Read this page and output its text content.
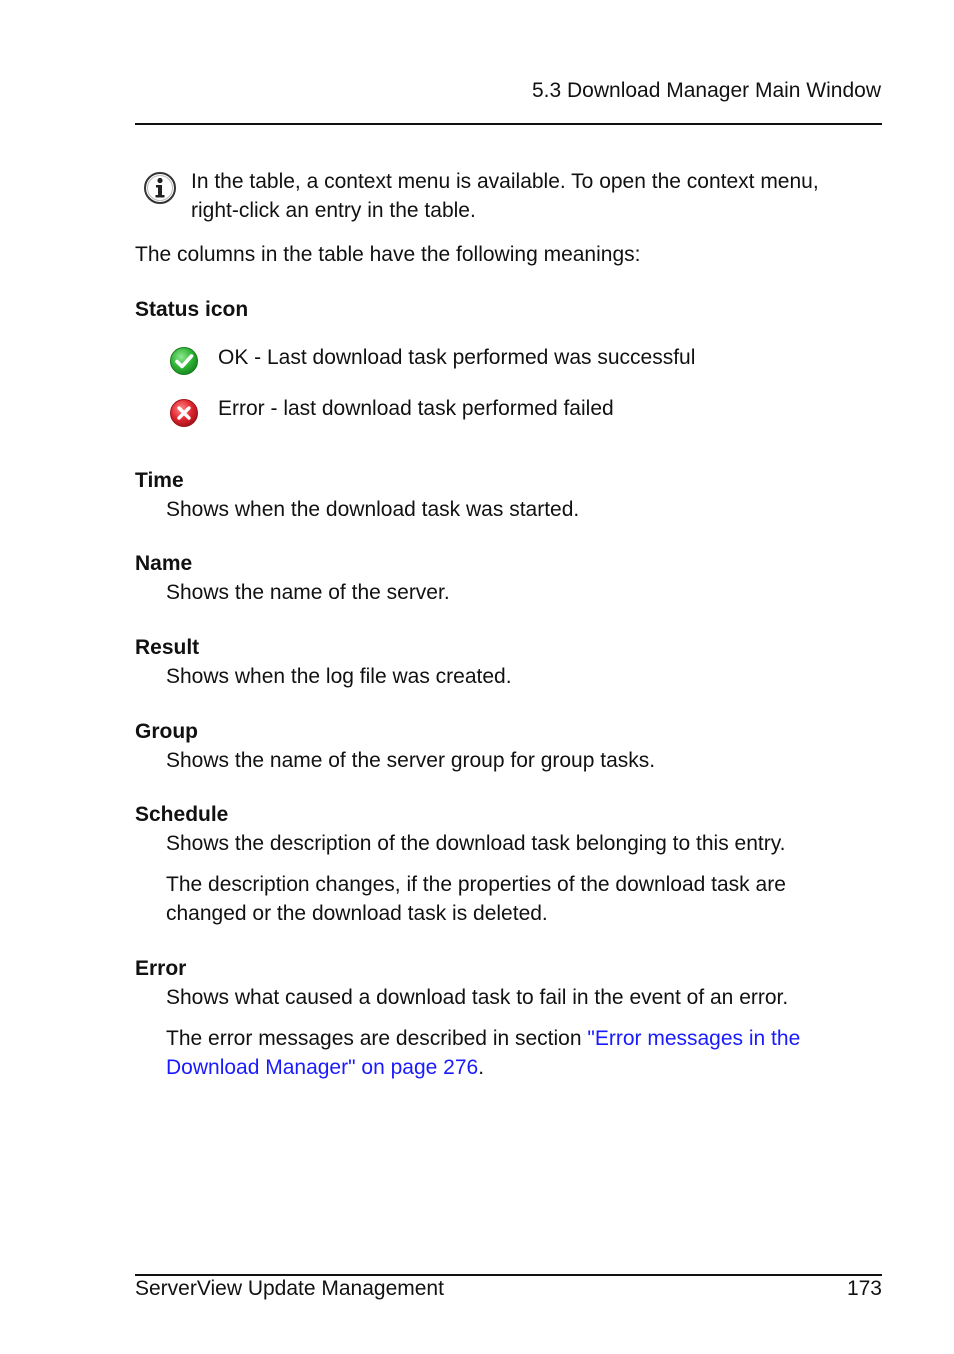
5.3 Download Manager Main Window
In the table, a context menu is available. To open the context menu, right-click an entry in the table.
The columns in the table have the following meanings:
Status icon
OK - Last download task performed was successful
Error - last download task performed failed
Time
Shows when the download task was started.
Name
Shows the name of the server.
Result
Shows when the log file was created.
Group
Shows the name of the server group for group tasks.
Schedule
Shows the description of the download task belonging to this entry.
The description changes, if the properties of the download task are
changed or the download task is deleted.
Error
Shows what caused a download task to fail in the event of an error.
The error messages are described in section "Error messages in the
Download Manager" on page 276.
ServerView Update Management	173
